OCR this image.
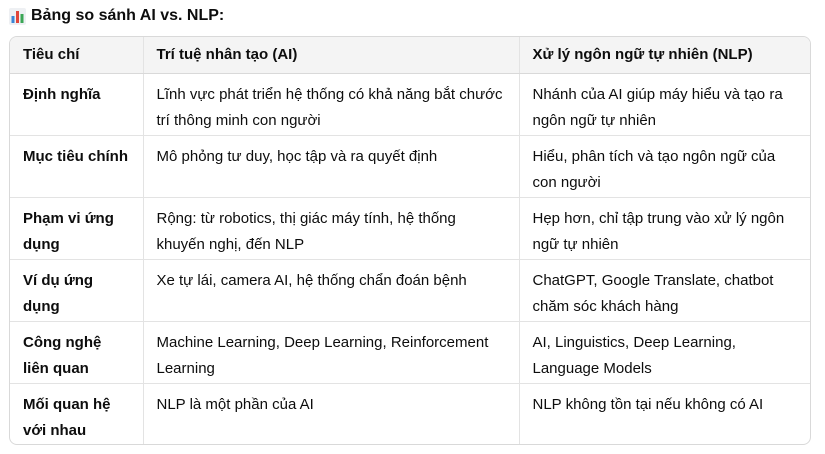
Bảng so sánh AI vs. NLP:
Tiêu chí	Trí tuệ nhân tạo (AI)	Xử lý ngôn ngữ tự nhiên (NLP)
Định nghĩa	Lĩnh vực phát triển hệ thống có khả năng bắt chước trí thông minh con người	Nhánh của AI giúp máy hiểu và tạo ra ngôn ngữ tự nhiên
Mục tiêu chính	Mô phỏng tư duy, học tập và ra quyết định	Hiểu, phân tích và tạo ngôn ngữ của con người
Phạm vi ứng dụng	Rộng: từ robotics, thị giác máy tính, hệ thống khuyến nghị, đến NLP	Hẹp hơn, chỉ tập trung vào xử lý ngôn ngữ tự nhiên
Ví dụ ứng dụng	Xe tự lái, camera AI, hệ thống chẩn đoán bệnh	ChatGPT, Google Translate, chatbot chăm sóc khách hàng
Công nghệ liên quan	Machine Learning, Deep Learning, Reinforcement Learning	AI, Linguistics, Deep Learning, Language Models
Mối quan hệ với nhau	NLP là một phần của AI	NLP không tồn tại nếu không có AI
